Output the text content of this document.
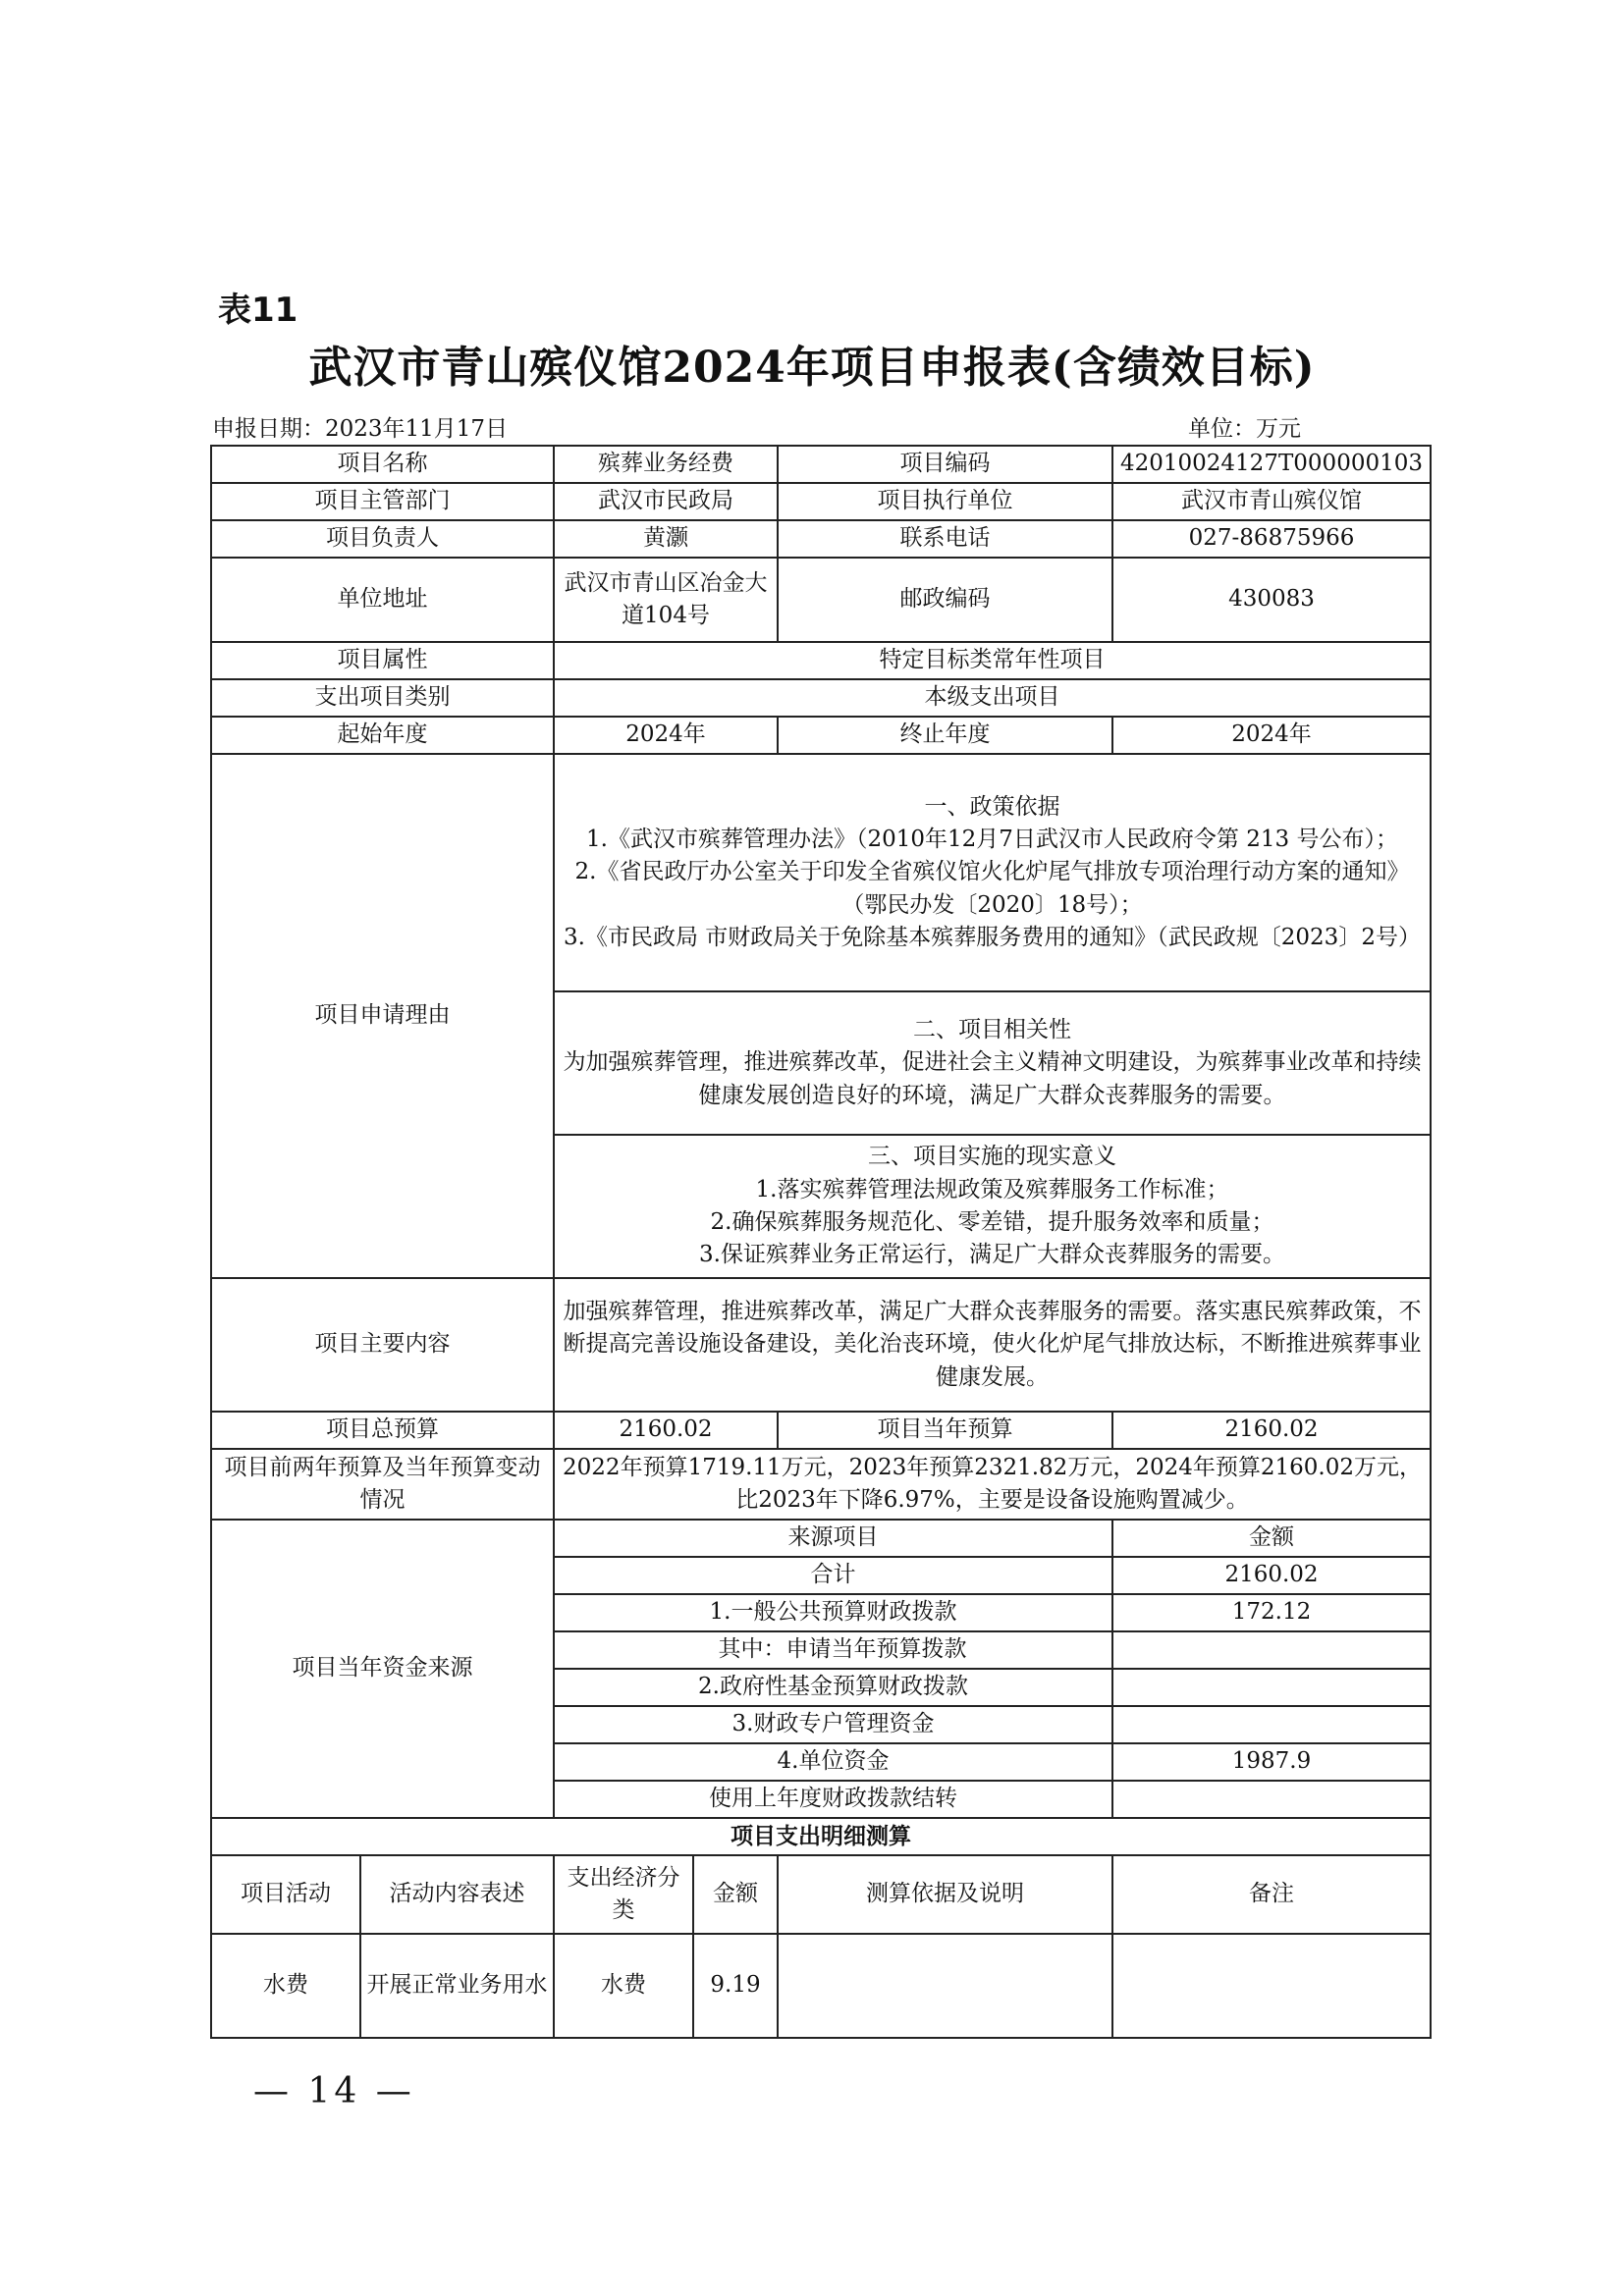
表11
武汉市青山殡仪馆2024年项目申报表(含绩效目标)
申报日期：2023年11月17日	单位：万元
项目名称		殡葬业务经费		项目编码	42010024127T000000103
项目主管部门		武汉市民政局		项目执行单位	武汉市青山殡仪馆
项目负责人		黄灏		联系电话	027-86875966
单位地址		武汉市青山区冶金大道104号		邮政编码	430083
项目属性		特定目标类常年性项目			
支出项目类别		本级支出项目			
起始年度		2024年		终止年度	2024年
项目申请理由		一、政策依据
1.《武汉市殡葬管理办法》（2010年12月7日武汉市人民政府令第 213 号公布）；
2.《省民政厅办公室关于印发全省殡仪馆火化炉尾气排放专项治理行动方案的通知》（鄂民办发〔2020〕18号）；
3.《市民政局 市财政局关于免除基本殡葬服务费用的通知》（武民政规〔2023〕2号）			

		二、项目相关性
为加强殡葬管理，推进殡葬改革，促进社会主义精神文明建设，为殡葬事业改革和持续健康发展创造良好的环境，满足广大群众丧葬服务的需要。			

		三、项目实施的现实意义
1.落实殡葬管理法规政策及殡葬服务工作标准；
2.确保殡葬服务规范化、零差错，提升服务效率和质量；
3.保证殡葬业务正常运行，满足广大群众丧葬服务的需要。			

项目主要内容		加强殡葬管理，推进殡葬改革，满足广大群众丧葬服务的需要。落实惠民殡葬政策，不断提高完善设施设备建设，美化治丧环境，使火化炉尾气排放达标，不断推进殡葬事业健康发展。			
项目总预算		2160.02		项目当年预算	2160.02
项目前两年预算及当年预算变动情况		2022年预算1719.11万元，2023年预算2321.82万元，2024年预算2160.02万元，比2023年下降6.97%，主要是设备设施购置减少。			
项目当年资金来源		来源项目			金额
		合计			2160.02
		1.一般公共预算财政拨款			172.12
		其中：申请当年预算拨款			
		2.政府性基金预算财政拨款			
		3.财政专户管理资金			
		4.单位资金			1987.9
		使用上年度财政拨款结转			
项目支出明细测算					
项目活动	活动内容表述	支出经济分类	金额	测算依据及说明	备注
水费	开展正常业务用水	水费	9.19		
— 14 —
